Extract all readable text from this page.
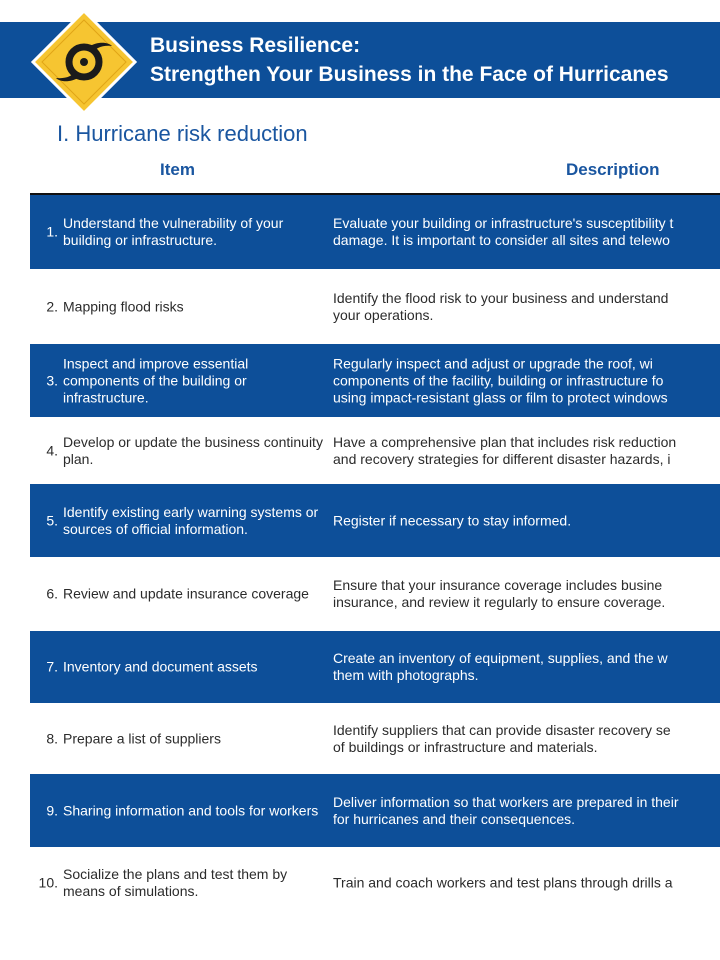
Business Resilience:
Strengthen Your Business in the Face of Hurricanes
I. Hurricane risk reduction
Item	Description
1.
Understand the vulnerability of your building or infrastructure.
Evaluate your building or infrastructure's susceptibility t
damage. It is important to consider all sites and telewo
2. Mapping flood risks
Identify the flood risk to your business and understand
your operations.
3.
Inspect and improve essential components of the building or infrastructure.
Regularly inspect and adjust or upgrade the roof, wi
components of the facility, building or infrastructure fo
using impact-resistant glass or film to protect windows
4.
Develop or update the business continuity plan.
Have a comprehensive plan that includes risk reduction
and recovery strategies for different disaster hazards, i
5.
Identify existing early warning systems or sources of official information.
Register if necessary to stay informed.
6. Review and update insurance coverage
Ensure that your insurance coverage includes busine
insurance, and review it regularly to ensure coverage.
7. Inventory and document assets
Create an inventory of equipment, supplies, and the w
them with photographs.
8. Prepare a list of suppliers
Identify suppliers that can provide disaster recovery se
of buildings or infrastructure and materials.
9. Sharing information and tools for workers
Deliver information so that workers are prepared in their
for hurricanes and their consequences.
10.
Socialize the plans and test them by means of simulations.
Train and coach workers and test plans through drills a
